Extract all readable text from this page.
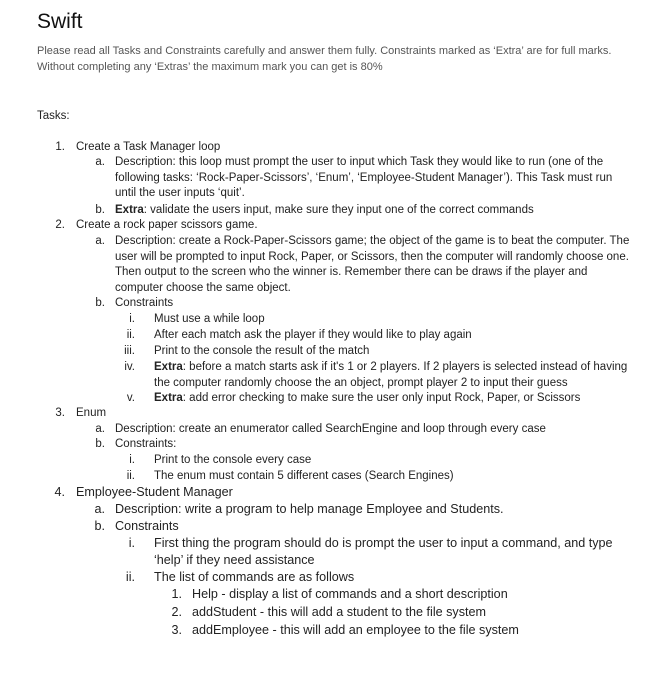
Swift
Please read all Tasks and Constraints carefully and answer them fully. Constraints marked as ‘Extra’ are for full marks. Without completing any ‘Extras’ the maximum mark you can get is 80%
Tasks:
1. Create a Task Manager loop
a. Description: this loop must prompt the user to input which Task they would like to run (one of the following tasks: ‘Rock-Paper-Scissors’, ‘Enum’, ‘Employee-Student Manager’). This Task must run until the user inputs ‘quit’.
b. Extra: validate the users input, make sure they input one of the correct commands
2. Create a rock paper scissors game.
a. Description: create a Rock-Paper-Scissors game; the object of the game is to beat the computer. The user will be prompted to input Rock, Paper, or Scissors, then the computer will randomly choose one. Then output to the screen who the winner is. Remember there can be draws if the player and computer choose the same object.
b. Constraints
i. Must use a while loop
ii. After each match ask the player if they would like to play again
iii. Print to the console the result of the match
iv. Extra: before a match starts ask if it's 1 or 2 players. If 2 players is selected instead of having the computer randomly choose the an object, prompt player 2 to input their guess
v. Extra: add error checking to make sure the user only input Rock, Paper, or Scissors
3. Enum
a. Description: create an enumerator called SearchEngine and loop through every case
b. Constraints:
i. Print to the console every case
ii. The enum must contain 5 different cases (Search Engines)
4. Employee-Student Manager
a. Description: write a program to help manage Employee and Students.
b. Constraints
i. First thing the program should do is prompt the user to input a command, and type ‘help’ if they need assistance
ii. The list of commands are as follows
1. Help - display a list of commands and a short description
2. addStudent - this will add a student to the file system
3. addEmployee - this will add an employee to the file system
